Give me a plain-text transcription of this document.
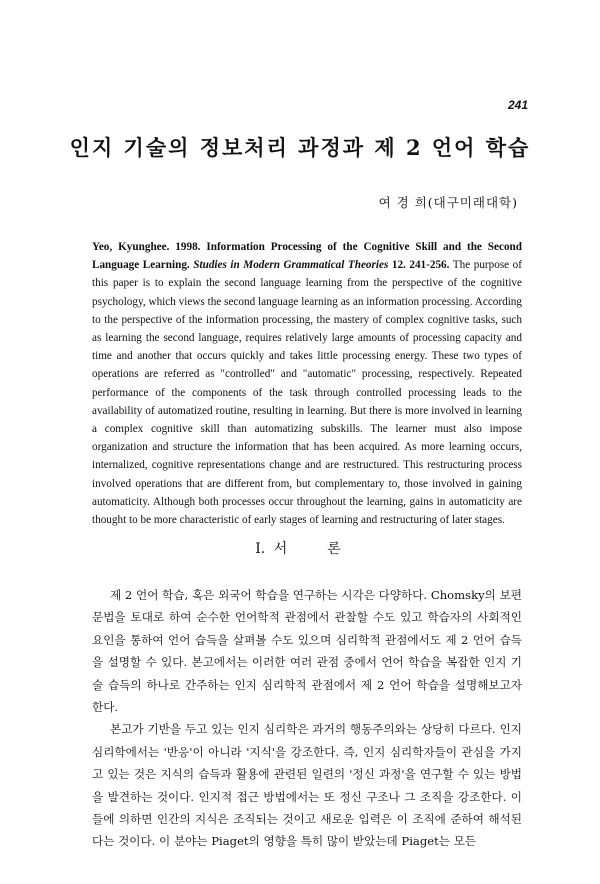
241
인지 기술의 정보처리 과정과 제 2 언어 학습
여 경 희(대구미래대학)
Yeo, Kyunghee. 1998. Information Processing of the Cognitive Skill and the Second Language Learning. Studies in Modern Grammatical Theories 12. 241-256. The purpose of this paper is to explain the second language learning from the perspective of the cognitive psychology, which views the second language learning as an information processing. According to the perspective of the information processing, the mastery of complex cognitive tasks, such as learning the second language, requires relatively large amounts of processing capacity and time and another that occurs quickly and takes little processing energy. These two types of operations are referred as "controlled" and "automatic" processing, respectively. Repeated performance of the components of the task through controlled processing leads to the availability of automatized routine, resulting in learning. But there is more involved in learning a complex cognitive skill than automatizing subskills. The learner must also impose organization and structure the information that has been acquired. As more learning occurs, internalized, cognitive representations change and are restructured. This restructuring process involved operations that are different from, but complementary to, those involved in gaining automaticity. Although both processes occur throughout the learning, gains in automaticity are thought to be more characteristic of early stages of learning and restructuring of later stages.
I. 서　　론

제 2 언어 학습, 혹은 외국어 학습을 연구하는 시각은 다양하다. Chomsky의 보편 문법을 토대로 하여 순수한 언어학적 관점에서 관찰할 수도 있고 학습자의 사회적인 요인을 통하여 언어 습득을 살펴볼 수도 있으며 심리학적 관점에서도 제 2 언어 습득을 설명할 수 있다. 본고에서는 이러한 여러 관점 중에서 언어 학습을 복잡한 인지 기술 습득의 하나로 간주하는 인지 심리학적 관점에서 제 2 언어 학습을 설명해보고자 한다.

본고가 기반을 두고 있는 인지 심리학은 과거의 행동주의와는 상당히 다르다. 인지 심리학에서는 '반응'이 아니라 '지식'을 강조한다. 즉, 인지 심리학자들이 관심을 가지고 있는 것은 지식의 습득과 활용에 관련된 일련의 '정신 과정'을 연구할 수 있는 방법을 발견하는 것이다. 인지적 접근 방법에서는 또 정신 구조나 그 조직을 강조한다. 이들에 의하면 인간의 지식은 조직되는 것이고 새로운 입력은 이 조직에 준하여 해석된다는 것이다. 이 분야는 Piaget의 영향을 특히 많이 받았는데 Piaget는 모든
